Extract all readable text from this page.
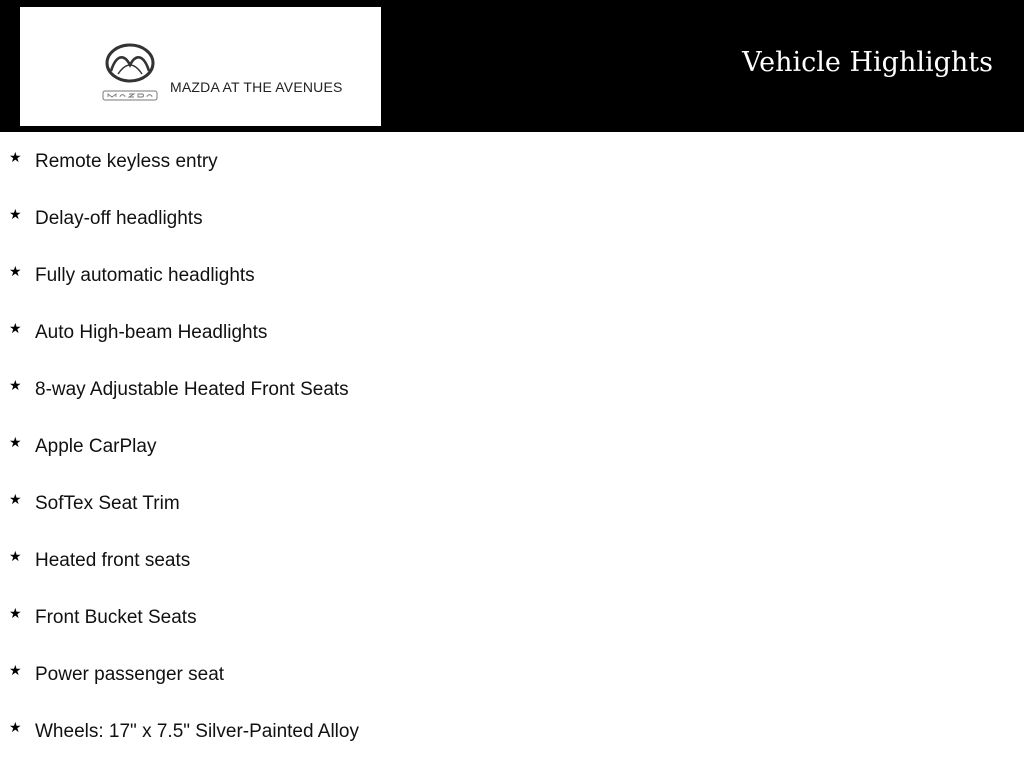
MAZDA AT THE AVENUES
Vehicle Highlights
★ Remote keyless entry
★ Delay-off headlights
★ Fully automatic headlights
★ Auto High-beam Headlights
★ 8-way Adjustable Heated Front Seats
★ Apple CarPlay
★ SofTex Seat Trim
★ Heated front seats
★ Front Bucket Seats
★ Power passenger seat
★ Wheels: 17" x 7.5" Silver-Painted Alloy
